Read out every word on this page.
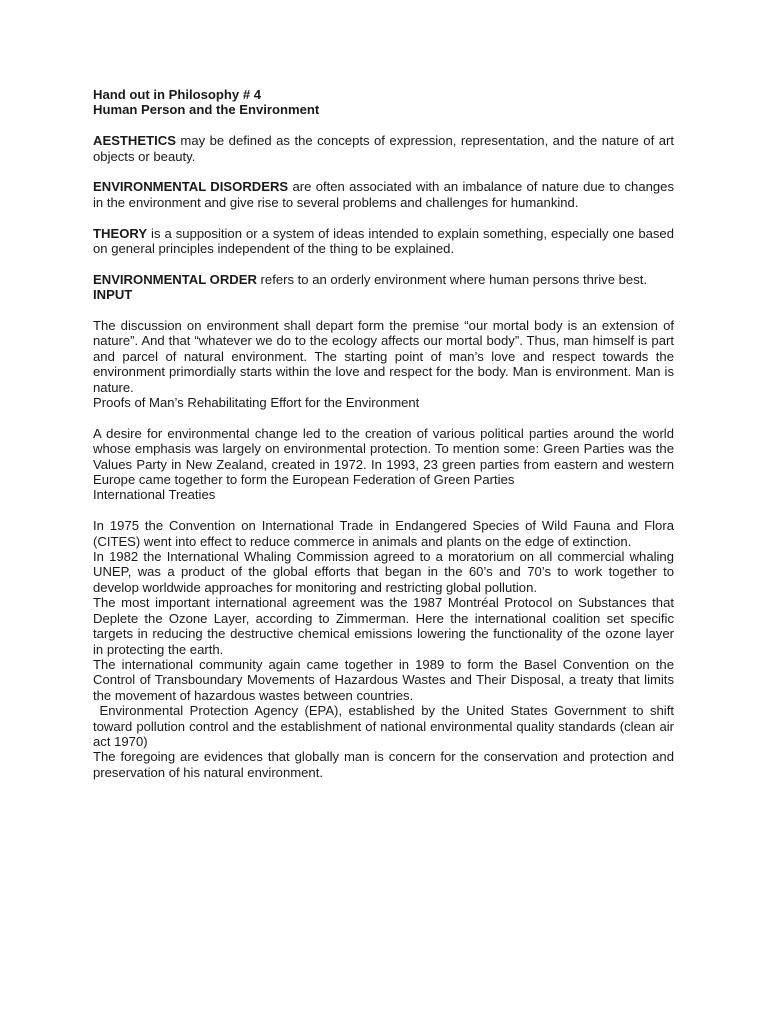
Hand out in Philosophy # 4

Human Person and the Environment

AESTHETICS may be defined as the concepts of expression, representation, and the nature of art objects or beauty.

ENVIRONMENTAL DISORDERS are often associated with an imbalance of nature due to changes in the environment and give rise to several problems and challenges for humankind.

THEORY is a supposition or a system of ideas intended to explain something, especially one based on general principles independent of the thing to be explained.

ENVIRONMENTAL ORDER refers to an orderly environment where human persons thrive best.

INPUT

The discussion on environment shall depart form the premise “our mortal body is an extension of nature”. And that “whatever we do to the ecology affects our mortal body”. Thus, man himself is part and parcel of natural environment. The starting point of man’s love and respect towards the environment primordially starts within the love and respect for the body. Man is environment. Man is nature.

Proofs of Man’s Rehabilitating Effort for the Environment

A desire for environmental change led to the creation of various political parties around the world whose emphasis was largely on environmental protection. To mention some: Green Parties was the Values Party in New Zealand, created in 1972. In 1993, 23 green parties from eastern and western Europe came together to form the European Federation of Green Parties

International Treaties

In 1975 the Convention on International Trade in Endangered Species of Wild Fauna and Flora (CITES) went into effect to reduce commerce in animals and plants on the edge of extinction.

In 1982 the International Whaling Commission agreed to a moratorium on all commercial whaling UNEP, was a product of the global efforts that began in the 60’s and 70’s to work together to develop worldwide approaches for monitoring and restricting global pollution.

The most important international agreement was the 1987 Montréal Protocol on Substances that Deplete the Ozone Layer, according to Zimmerman. Here the international coalition set specific targets in reducing the destructive chemical emissions lowering the functionality of the ozone layer in protecting the earth.

The international community again came together in 1989 to form the Basel Convention on the Control of Transboundary Movements of Hazardous Wastes and Their Disposal, a treaty that limits the movement of hazardous wastes between countries.

Environmental Protection Agency (EPA), established by the United States Government to shift toward pollution control and the establishment of national environmental quality standards (clean air act 1970)

The foregoing are evidences that globally man is concern for the conservation and protection and preservation of his natural environment.
